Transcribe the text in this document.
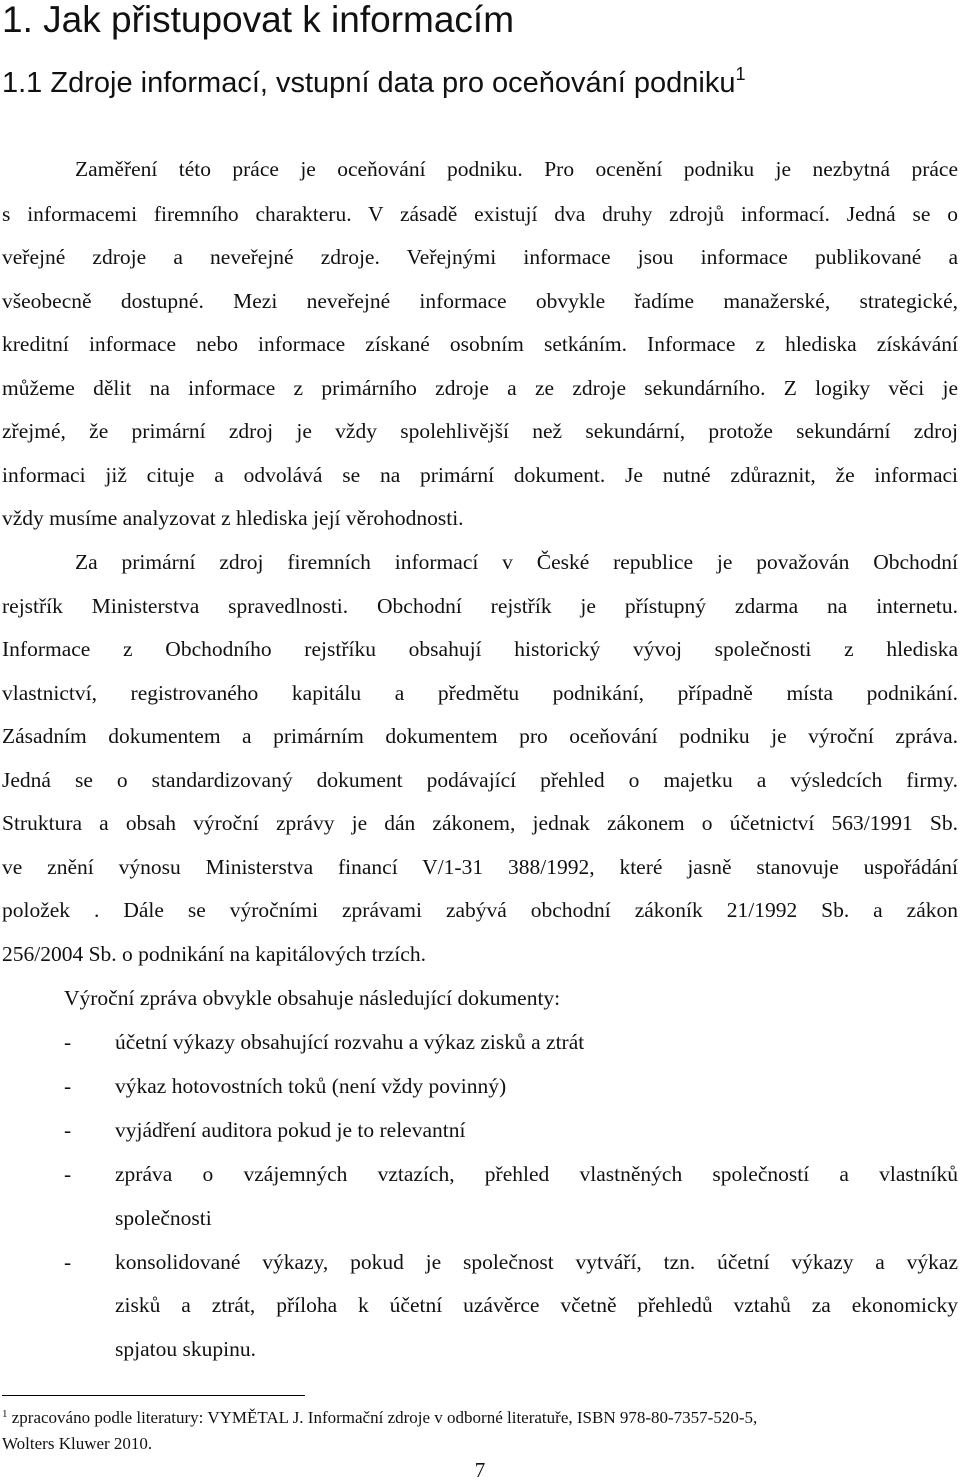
1. Jak přistupovat k informacím
1.1 Zdroje informací, vstupní data pro oceňování podniku$^1$
Zaměření této práce je oceňování podniku. Pro ocenění podniku je nezbytná práce
s informacemi firemního charakteru. V zásadě existují dva druhy zdrojů informací. Jedná se o
veřejné zdroje a neveřejné zdroje. Veřejnými informace jsou informace publikované a
všeobecně dostupné. Mezi neveřejné informace obvykle řadíme manažerské, strategické,
kreditní informace nebo informace získané osobním setkáním. Informace z hlediska získávání
můžeme dělit na informace z primárního zdroje a ze zdroje sekundárního. Z logiky věci je
zřejmé, že primární zdroj je vždy spolehlivější než sekundární, protože sekundární zdroj
informaci již cituje a odvolává se na primární dokument. Je nutné zdůraznit, že informaci
vždy musíme analyzovat z hlediska její věrohodnosti.
Za primární zdroj firemních informací v České republice je považován Obchodní
rejstřík Ministerstva spravedlnosti. Obchodní rejstřík je přístupný zdarma na internetu.
Informace z Obchodního rejstříku obsahují historický vývoj společnosti z hlediska
vlastnictví, registrovaného kapitálu a předmětu podnikání, případně místa podnikání.
Zásadním dokumentem a primárním dokumentem pro oceňování podniku je výroční zpráva.
Jedná se o standardizovaný dokument podávající přehled o majetku a výsledcích firmy.
Struktura a obsah výroční zprávy je dán zákonem, jednak zákonem o účetnictví 563/1991 Sb.
ve znění výnosu Ministerstva financí V/1-31 388/1992, které jasně stanovuje uspořádání
položek . Dále se výročními zprávami zabývá obchodní zákoník 21/1992 Sb. a zákon
256/2004 Sb. o podnikání na kapitálových trzích.
Výroční zpráva obvykle obsahuje následující dokumenty:
- účetní výkazy obsahující rozvahu a výkaz zisků a ztrát
- výkaz hotovostních toků (není vždy povinný)
- vyjádření auditora pokud je to relevantní
- zpráva o vzájemných vztazích, přehled vlastněných společností a vlastníků
společnosti
- konsolidované výkazy, pokud je společnost vytváří, tzn. účetní výkazy a výkaz
zisků a ztrát, příloha k účetní uzávěrce včetně přehledů vztahů za ekonomicky
spjatou skupinu.
$^1$ zpracováno podle literatury: VYMĚTAL J. Informační zdroje v odborné literatuře, ISBN 978-80-7357-520-5,
Wolters Kluwer 2010.
7
